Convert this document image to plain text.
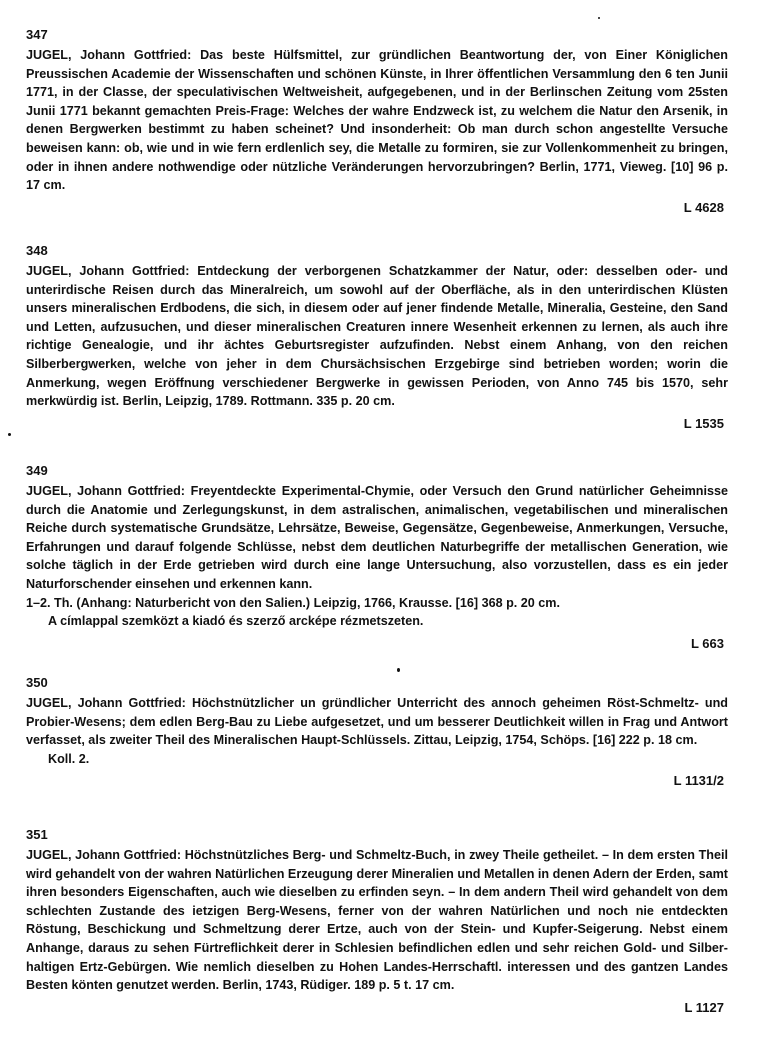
347
JUGEL, Johann Gottfried: Das beste Hülfsmittel, zur gründlichen Beantwortung der, von Einer Königlichen Preussischen Academie der Wissenschaften und schönen Künste, in Ihrer öffentlichen Versammlung den 6 ten Junii 1771, in der Classe, der speculativischen Weltweisheit, aufgegebenen, und in der Berlinschen Zeitung vom 25sten Junii 1771 bekannt gemachten Preis-Frage: Welches der wahre Endzweck ist, zu welchem die Natur den Arsenik, in denen Bergwerken bestimmt zu haben scheinet? Und insonderheit: Ob man durch schon angestellte Versuche beweisen kann: ob, wie und in wie fern erdlenlich sey, die Metalle zu formiren, sie zur Vollenkommenheit zu bringen, oder in ihnen andere nothwendige oder nützliche Veränderungen hervorzubringen? Berlin, 1771, Vieweg. [10] 96 p. 17 cm.
L 4628
348
JUGEL, Johann Gottfried: Entdeckung der verborgenen Schatzkammer der Natur, oder: desselben oder- und unterirdische Reisen durch das Mineralreich, um sowohl auf der Oberfläche, als in den unterirdischen Klüsten unsers mineralischen Erdbodens, die sich, in diesem oder auf jener findende Metalle, Mineralia, Gesteine, den Sand und Letten, aufzusuchen, und dieser mineralischen Creaturen innere Wesenheit erkennen zu lernen, als auch ihre richtige Genealogie, und ihr ächtes Geburtsregister aufzufinden. Nebst einem Anhang, von den reichen Silberbergwerken, welche von jeher in dem Chursächsischen Erzgebirge sind betrieben worden; worin die Anmerkung, wegen Eröffnung verschiedener Bergwerke in gewissen Perioden, von Anno 745 bis 1570, sehr merkwürdig ist. Berlin, Leipzig, 1789. Rottmann. 335 p. 20 cm.
L 1535
349
JUGEL, Johann Gottfried: Freyentdeckte Experimental-Chymie, oder Versuch den Grund natürlicher Geheimnisse durch die Anatomie und Zerlegungskunst, in dem astralischen, animalischen, vegetabilischen und mineralischen Reiche durch systematische Grundsätze, Lehrsätze, Beweise, Gegensätze, Gegenbeweise, Anmerkungen, Versuche, Erfahrungen und darauf folgende Schlüsse, nebst dem deutlichen Naturbegriffe der metallischen Generation, wie solche täglich in der Erde getrieben wird durch eine lange Untersuchung, also vorzustellen, dass es ein jeder Naturforschender einsehen und erkennen kann.
1–2. Th. (Anhang: Naturbericht von den Salien.) Leipzig, 1766, Krausse. [16] 368 p. 20 cm.
A címlappal szemközt a kiadó és szerző arcképe rézmetszeten.
L 663
350
JUGEL, Johann Gottfried: Höchstnützlicher un gründlicher Unterricht des annoch geheimen Röst-Schmeltz- und Probier-Wesens; dem edlen Berg-Bau zu Liebe aufgesetzet, und um besserer Deutlichkeit willen in Frag und Antwort verfasset, als zweiter Theil des Mineralischen Haupt-Schlüssels. Zittau, Leipzig, 1754, Schöps. [16] 222 p. 18 cm.
Koll. 2.
L 1131/2
351
JUGEL, Johann Gottfried: Höchstnützliches Berg- und Schmeltz-Buch, in zwey Theile getheilet. – In dem ersten Theil wird gehandelt von der wahren Natürlichen Erzeugung derer Mineralien und Metallen in denen Adern der Erden, samt ihren besonders Eigenschaften, auch wie dieselben zu erfinden seyn. – In dem andern Theil wird gehandelt von dem schlechten Zustande des ietzigen Berg-Wesens, ferner von der wahren Natürlichen und noch nie entdeckten Röstung, Beschickung und Schmeltzung derer Ertze, auch von der Stein- und Kupfer-Seigerung. Nebst einem Anhange, daraus zu sehen Fürtreflichkeit derer in Schlesien befindlichen edlen und sehr reichen Gold- und Silber-haltigen Ertz-Gebürgen. Wie nemlich dieselben zu Hohen Landes-Herrschaftl. interessen und des gantzen Landes Besten könten genutzet werden. Berlin, 1743, Rüdiger. 189 p. 5 t. 17 cm.
L 1127
